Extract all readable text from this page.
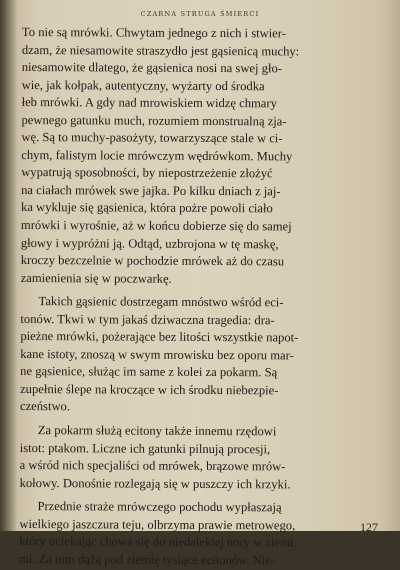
CZARNA STRUGA ŚMIERCI
To nie są mrówki. Chwytam jednego z nich i stwier-
dzam, że niesamowite straszydło jest gąsienicą muchy:
niesamowite dlatego, że gąsienica nosi na swej gło-
wie, jak kołpak, autentyczny, wyżarty od środka
łeb mrówki. A gdy nad mrowiskiem widzę chmary
pewnego gatunku much, rozumiem monstrualną zja-
wę. Są to muchy-pasożyty, towarzyszące stale w ci-
chym, falistym locie mrówczym wędrówkom. Muchy
wypatrują sposobności, by niepostrzeżenie złożyć
na ciałach mrówek swe jajka. Po kilku dniach z jaj-
ka wykluje się gąsienica, która pożre powoli ciało
mrówki i wyrośnie, aż w końcu dobierze się do samej
głowy i wypróżni ją. Odtąd, uzbrojona w tę maskę,
kroczy bezczelnie w pochodzie mrówek aż do czasu
zamienienia się w poczwarkę.
Takich gąsienic dostrzegam mnóstwo wśród eci-
tonów. Tkwi w tym jakaś dziwaczna tragedia: dra-
pieżne mrówki, pożerające bez litości wszystkie napot-
kane istoty, znoszą w swym mrowisku bez oporu mar-
ne gąsienice, służąc im same z kolei za pokarm. Są
zupełnie ślepe na kroczące w ich środku niebezpie-
czeństwo.
Za pokarm służą ecitony także innemu rzędowi
istot: ptakom. Liczne ich gatunki pilnują procesji,
a wśród nich specjaliści od mrówek, brązowe mrów-
kołowy. Donośnie rozlegają się w puszczy ich krzyki.
Przednie straże mrówczego pochodu wypłaszają
wielkiego jaszczura teju, olbrzyma prawie metrowego,
który uciekając chowa się do niedalekiej nory w ziemi.
mi. Za nim dążą pod ziemię tysiące ecitonów. Nie-
127
